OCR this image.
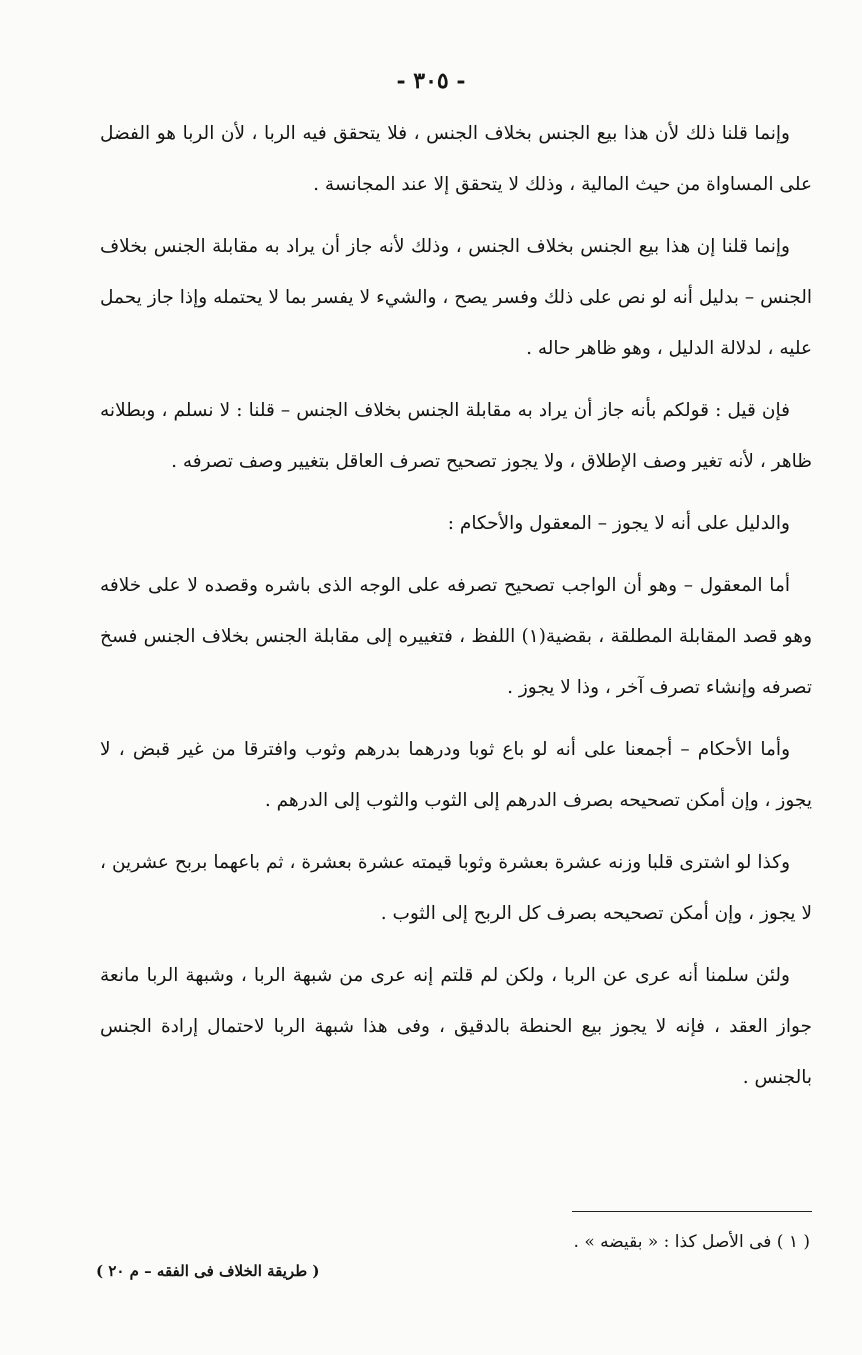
- ٣٠٥ -

وإنما قلنا ذلك لأن هذا بيع الجنس بخلاف الجنس ، فلا يتحقق فيه الربا ، لأن الربا هو الفضل على المساواة من حيث المالية ، وذلك لا يتحقق إلا عند المجانسة .

وإنما قلنا إن هذا بيع الجنس بخلاف الجنس ، وذلك لأنه جاز أن يراد به مقابلة الجنس بخلاف الجنس – بدليل أنه لو نص على ذلك وفسر يصح ، والشيء لا يفسر بما لا يحتمله وإذا جاز يحمل عليه ، لدلالة الدليل ، وهو ظاهر حاله .

فإن قيل : قولكم بأنه جاز أن يراد به مقابلة الجنس بخلاف الجنس – قلنا : لا نسلم ، وبطلانه ظاهر ، لأنه تغير وصف الإطلاق ، ولا يجوز تصحيح تصرف العاقل بتغيير وصف تصرفه .

والدليل على أنه لا يجوز – المعقول والأحكام :

أما المعقول – وهو أن الواجب تصحيح تصرفه على الوجه الذى باشره وقصده لا على خلافه وهو قصد المقابلة المطلقة ، بقضية(١) اللفظ ، فتغييره إلى مقابلة الجنس بخلاف الجنس فسخ تصرفه وإنشاء تصرف آخر ، وذا لا يجوز .

وأما الأحكام – أجمعنا على أنه لو باع ثوبا ودرهما بدرهم وثوب وافترقا من غير قبض ، لا يجوز ، وإن أمكن تصحيحه بصرف الدرهم إلى الثوب والثوب إلى الدرهم .

وكذا لو اشترى قلبا وزنه عشرة بعشرة وثوبا قيمته عشرة بعشرة ، ثم باعهما بربح عشرين ، لا يجوز ، وإن أمكن تصحيحه بصرف كل الربح إلى الثوب .

ولئن سلمنا أنه عرى عن الربا ، ولكن لم قلتم إنه عرى من شبهة الربا ، وشبهة الربا مانعة جواز العقد ، فإنه لا يجوز بيع الحنطة بالدقيق ، وفى هذا شبهة الربا لاحتمال إرادة الجنس بالجنس .

( ١ ) فى الأصل كذا : « بقيضه » .
( طريقة الخلاف فى الفقه – م ٢٠ )
